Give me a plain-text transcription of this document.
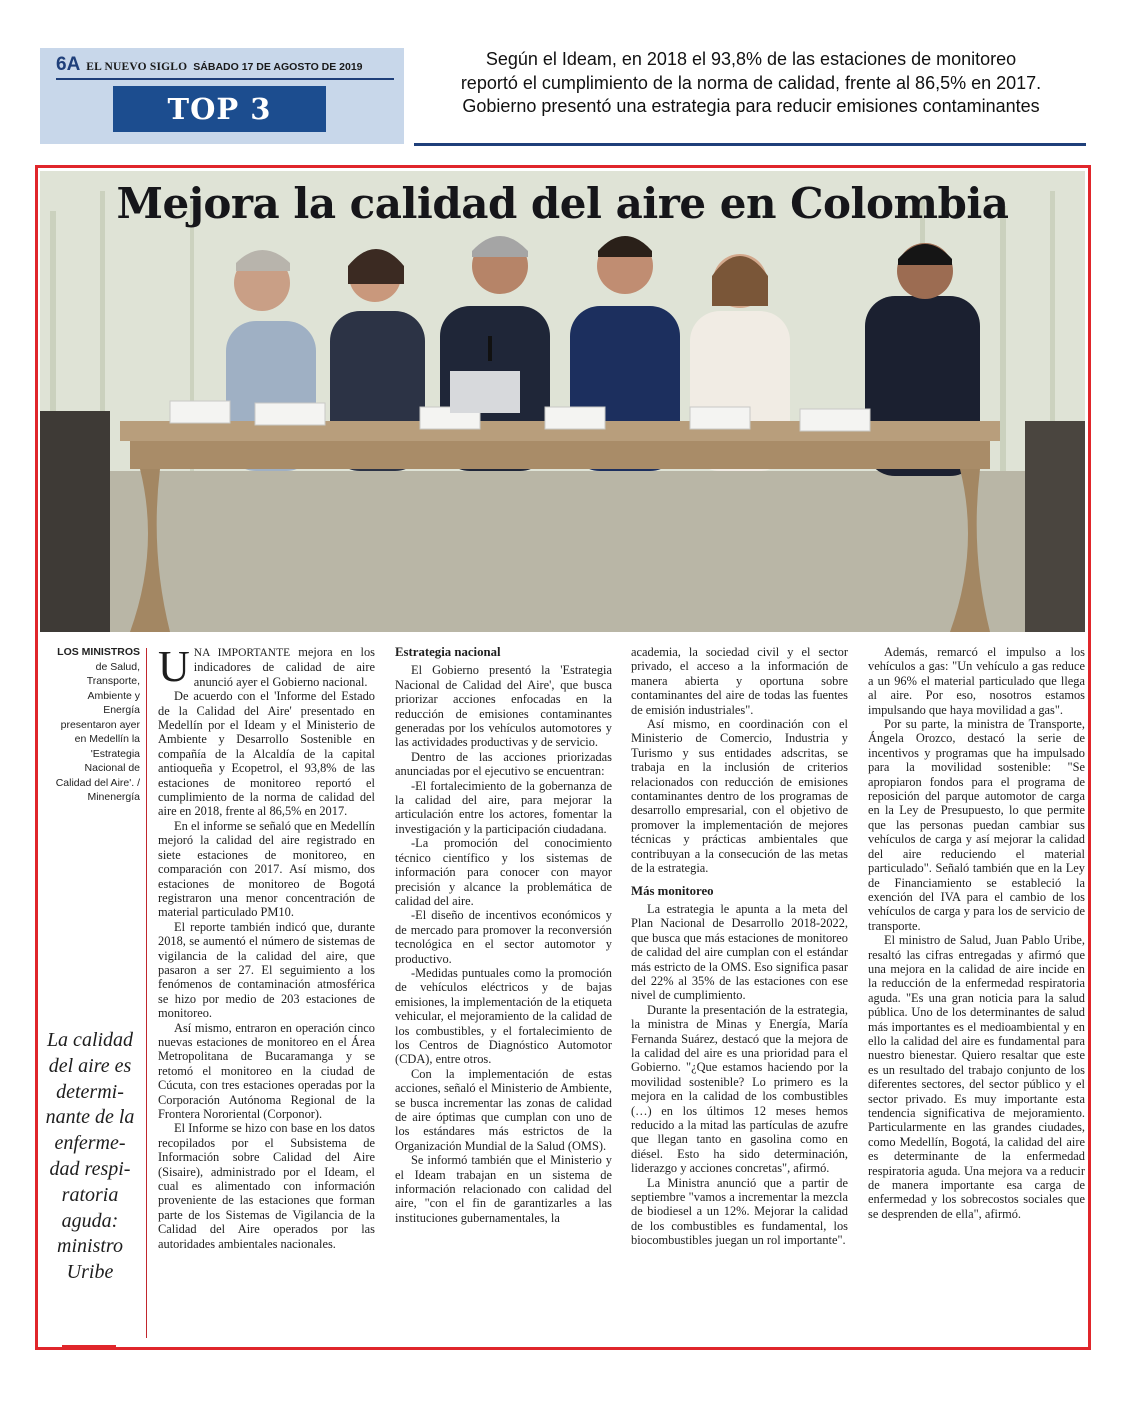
6A EL NUEVO SIGLO SÁBADO 17 DE AGOSTO DE 2019
TOP 3
Según el Ideam, en 2018 el 93,8% de las estaciones de monitoreo
reportó el cumplimiento de la norma de calidad, frente al 86,5% en 2017.
Gobierno presentó una estrategia para reducir emisiones contaminantes
Mejora la calidad del aire en Colombia
LOS MINISTROS de Salud, Transporte, Ambiente y Energía presentaron ayer en Medellín la 'Estrategia Nacional de Calidad del Aire'. / Minenergía
La calidad del aire es determi- nante de la enferme- dad respi- ratoria aguda: ministro Uribe

UNA IMPORTANTE mejora en los indicadores de calidad de aire anunció ayer el Gobierno nacional.

De acuerdo con el 'Informe del Estado de la Calidad del Aire' presentado en Medellín por el Ideam y el Ministerio de Ambiente y Desarrollo Sostenible en compañía de la Alcaldía de la capital antioqueña y Ecopetrol, el 93,8% de las estaciones de monitoreo reportó el cumplimiento de la norma de calidad del aire en 2018, frente al 86,5% en 2017.

En el informe se señaló que en Medellín mejoró la calidad del aire registrado en siete estaciones de monitoreo, en comparación con 2017. Así mismo, dos estaciones de monitoreo de Bogotá registraron una menor concentración de material particulado PM10.

El reporte también indicó que, durante 2018, se aumentó el número de sistemas de vigilancia de la calidad del aire, que pasaron a ser 27. El seguimiento a los fenómenos de contaminación atmosférica se hizo por medio de 203 estaciones de monitoreo.

Así mismo, entraron en operación cinco nuevas estaciones de monitoreo en el Área Metropolitana de Bucaramanga y se retomó el monitoreo en la ciudad de Cúcuta, con tres estaciones operadas por la Corporación Autónoma Regional de la Frontera Nororiental (Corponor).

El Informe se hizo con base en los datos recopilados por el Subsistema de Información sobre Calidad del Aire (Sisaire), administrado por el Ideam, el cual es alimentado con información proveniente de las estaciones que forman parte de los Sistemas de Vigilancia de la Calidad del Aire operados por las autoridades ambientales nacionales.

Estrategia nacional

El Gobierno presentó la 'Estrategia Nacional de Calidad del Aire', que busca priorizar acciones enfocadas en la reducción de emisiones contaminantes generadas por los vehículos automotores y las actividades productivas y de servicio.

Dentro de las acciones priorizadas anunciadas por el ejecutivo se encuentran:

-El fortalecimiento de la gobernanza de la calidad del aire, para mejorar la articulación entre los actores, fomentar la investigación y la participación ciudadana.

-La promoción del conocimiento técnico científico y los sistemas de información para conocer con mayor precisión y alcance la problemática de calidad del aire.

-El diseño de incentivos económicos y de mercado para promover la reconversión tecnológica en el sector automotor y productivo.

-Medidas puntuales como la promoción de vehículos eléctricos y de bajas emisiones, la implementación de la etiqueta vehicular, el mejoramiento de la calidad de los combustibles, y el fortalecimiento de los Centros de Diagnóstico Automotor (CDA), entre otros.

Con la implementación de estas acciones, señaló el Ministerio de Ambiente, se busca incrementar las zonas de calidad de aire óptimas que cumplan con uno de los estándares más estrictos de la Organización Mundial de la Salud (OMS).

Se informó también que el Ministerio y el Ideam trabajan en un sistema de información relacionado con calidad del aire, "con el fin de garantizarles a las instituciones gubernamentales, la

academia, la sociedad civil y el sector privado, el acceso a la información de manera abierta y oportuna sobre contaminantes del aire de todas las fuentes de emisión industriales".

Así mismo, en coordinación con el Ministerio de Comercio, Industria y Turismo y sus entidades adscritas, se trabaja en la inclusión de criterios relacionados con reducción de emisiones contaminantes dentro de los programas de desarrollo empresarial, con el objetivo de promover la implementación de mejores técnicas y prácticas ambientales que contribuyan a la consecución de las metas de la estrategia.

Más monitoreo

La estrategia le apunta a la meta del Plan Nacional de Desarrollo 2018-2022, que busca que más estaciones de monitoreo de calidad del aire cumplan con el estándar más estricto de la OMS. Eso significa pasar del 22% al 35% de las estaciones con ese nivel de cumplimiento.

Durante la presentación de la estrategia, la ministra de Minas y Energía, María Fernanda Suárez, destacó que la mejora de la calidad del aire es una prioridad para el Gobierno. "¿Que estamos haciendo por la movilidad sostenible? Lo primero es la mejora en la calidad de los combustibles (…) en los últimos 12 meses hemos reducido a la mitad las partículas de azufre que llegan tanto en gasolina como en diésel. Esto ha sido determinación, liderazgo y acciones concretas", afirmó.

La Ministra anunció que a partir de septiembre "vamos a incrementar la mezcla de biodiesel a un 12%. Mejorar la calidad de los combustibles es fundamental, los biocombustibles juegan un rol importante".

Además, remarcó el impulso a los vehículos a gas: "Un vehículo a gas reduce a un 96% el material particulado que llega al aire. Por eso, nosotros estamos impulsando que haya movilidad a gas".

Por su parte, la ministra de Transporte, Ángela Orozco, destacó la serie de incentivos y programas que ha impulsado para la movilidad sostenible: "Se apropiaron fondos para el programa de reposición del parque automotor de carga en la Ley de Presupuesto, lo que permite que las personas puedan cambiar sus vehículos de carga y así mejorar la calidad del aire reduciendo el material particulado". Señaló también que en la Ley de Financiamiento se estableció la exención del IVA para el cambio de los vehículos de carga y para los de servicio de transporte.

El ministro de Salud, Juan Pablo Uribe, resaltó las cifras entregadas y afirmó que una mejora en la calidad de aire incide en la reducción de la enfermedad respiratoria aguda. "Es una gran noticia para la salud pública. Uno de los determinantes de salud más importantes es el medioambiental y en ello la calidad del aire es fundamental para nuestro bienestar. Quiero resaltar que este es un resultado del trabajo conjunto de los diferentes sectores, del sector público y el sector privado. Es muy importante esta tendencia significativa de mejoramiento. Particularmente en las grandes ciudades, como Medellín, Bogotá, la calidad del aire es determinante de la enfermedad respiratoria aguda. Una mejora va a reducir de manera importante esa carga de enfermedad y los sobrecostos sociales que se desprenden de ella", afirmó.
